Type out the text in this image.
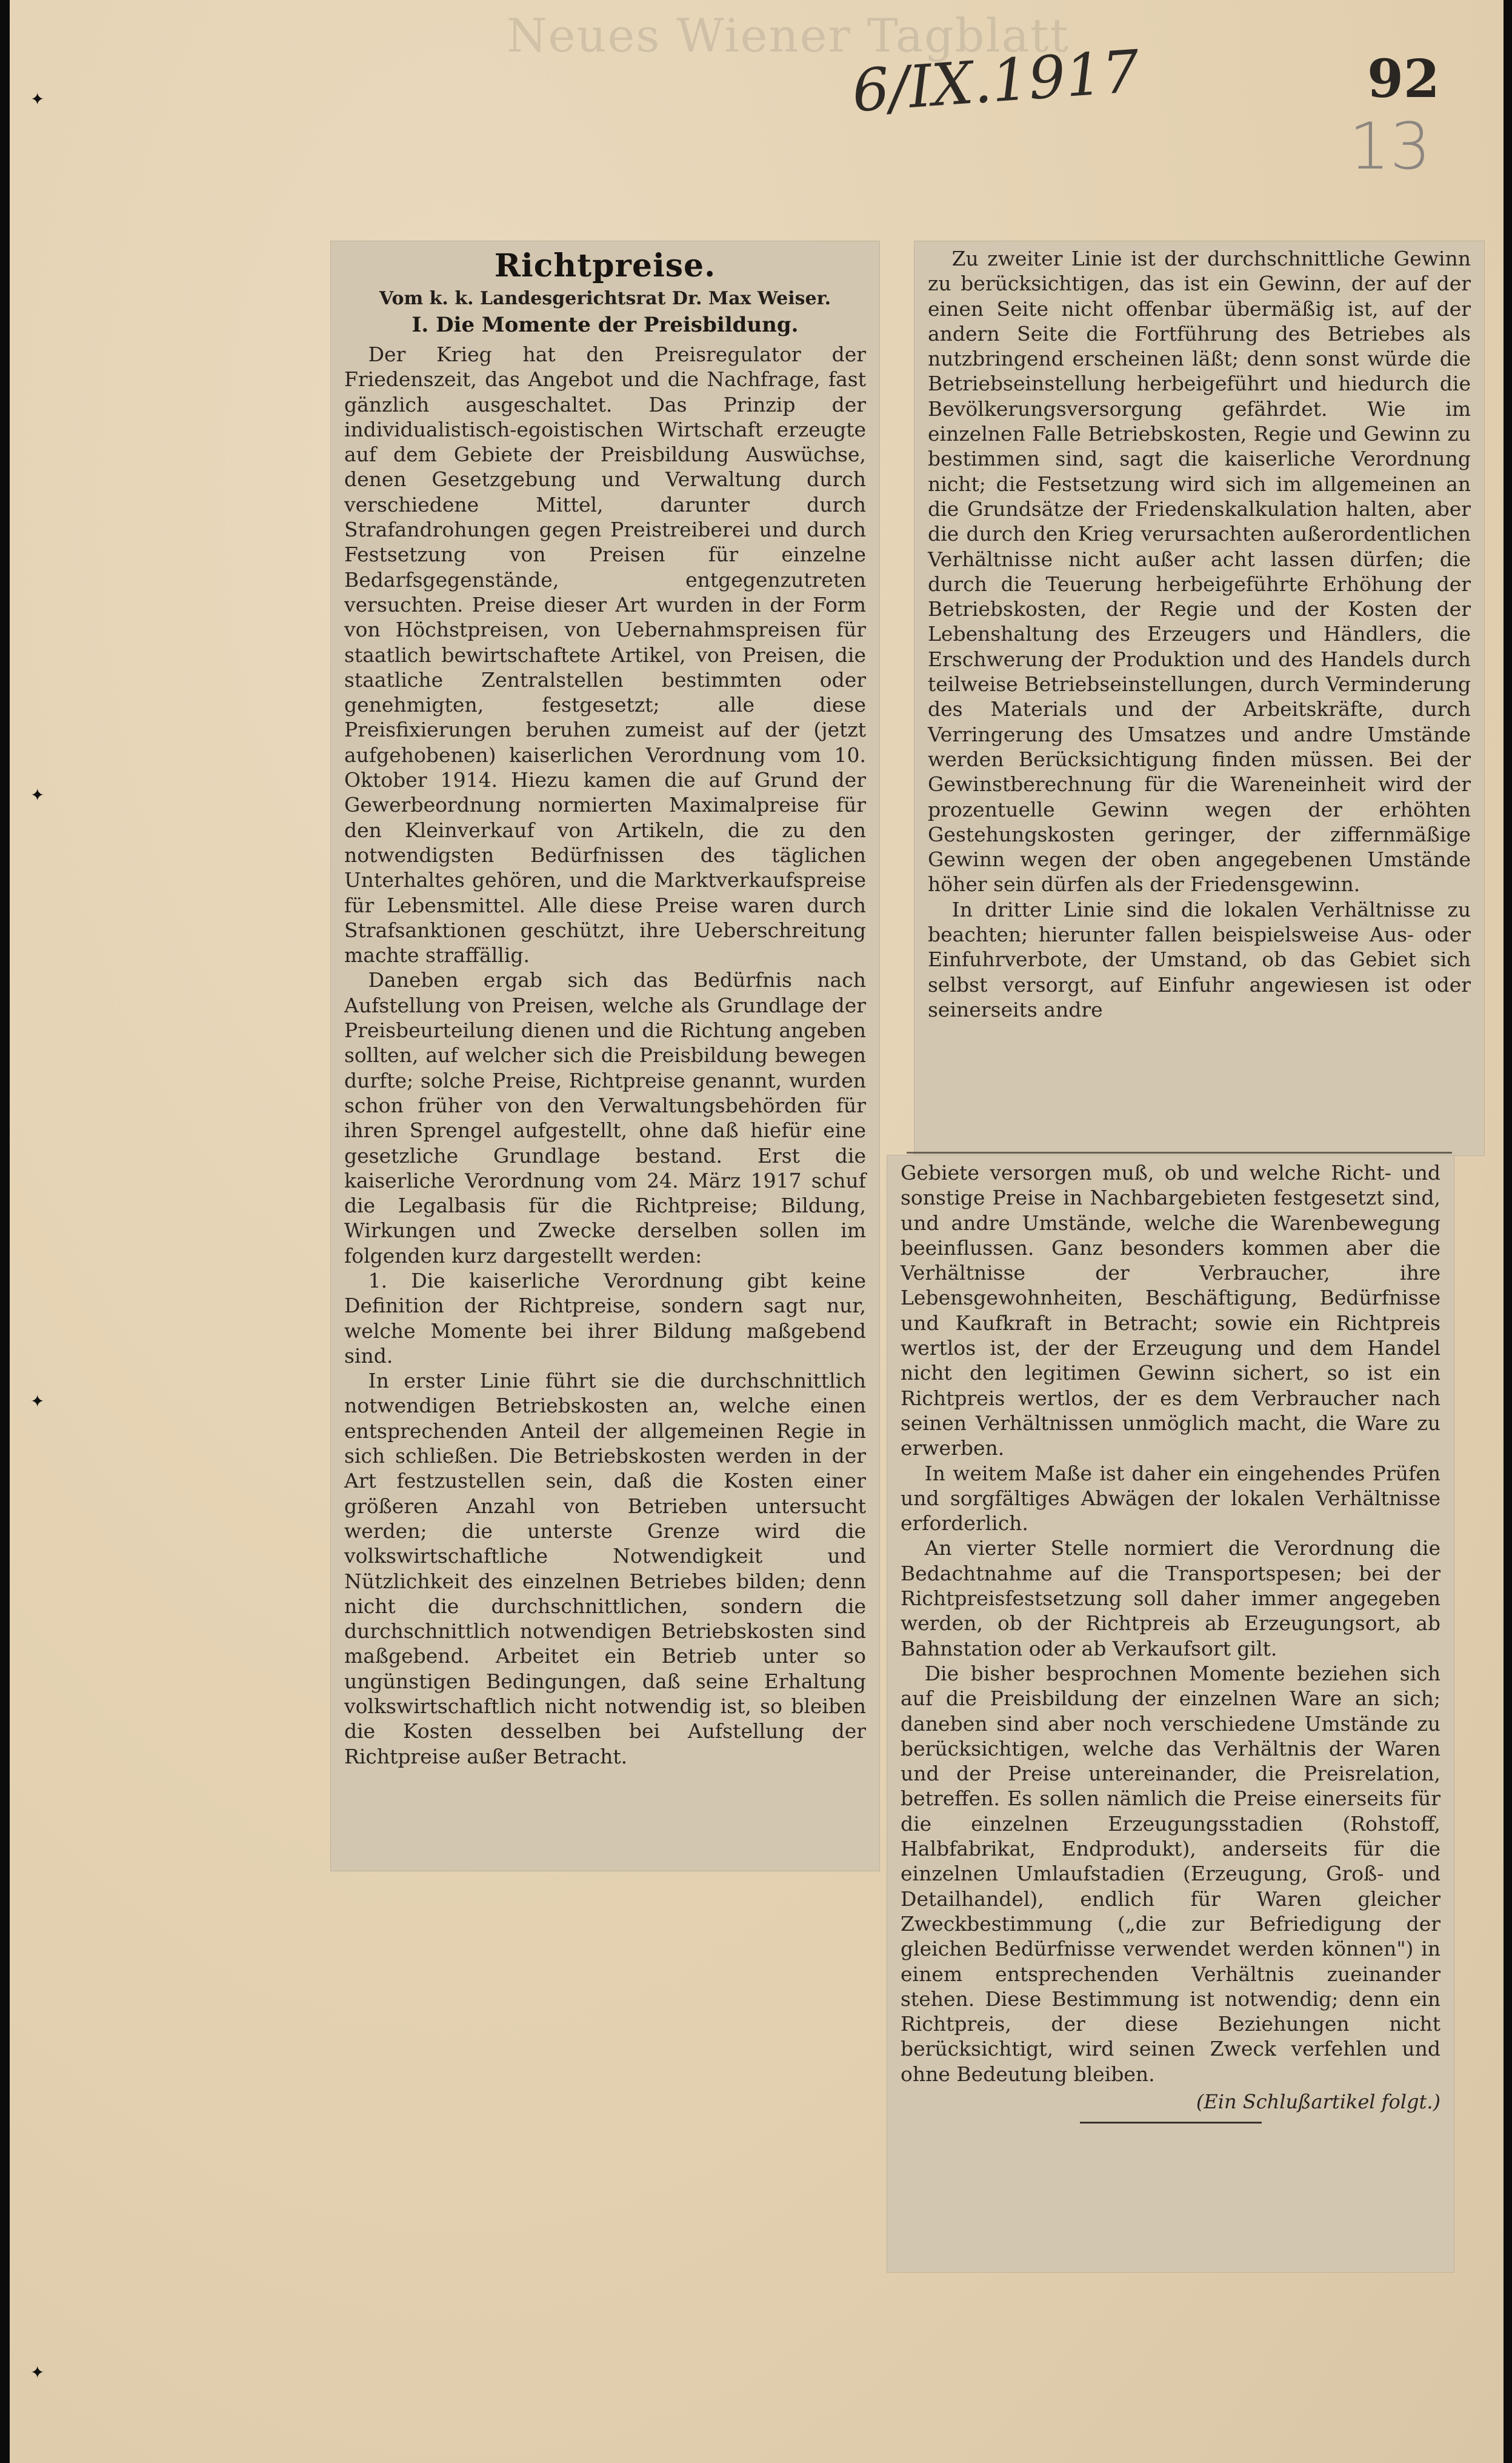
✦
✦
✦
✦
Neues Wiener Tagblatt
6/IX.1917	92
13
Richtpreise.
Vom k. k. Landesgerichtsrat Dr. Max Weiser.
I. Die Momente der Preisbildung.

Der Krieg hat den Preisregulator der Friedenszeit, das Angebot und die Nachfrage, fast gänzlich ausgeschaltet. Das Prinzip der individualistisch-egoistischen Wirtschaft erzeugte auf dem Gebiete der Preisbildung Auswüchse, denen Gesetzgebung und Verwaltung durch verschiedene Mittel, darunter durch Strafandrohungen gegen Preistreiberei und durch Festsetzung von Preisen für einzelne Bedarfsgegenstände, entgegenzutreten versuchten. Preise dieser Art wurden in der Form von Höchstpreisen, von Uebernahmspreisen für staatlich bewirtschaftete Artikel, von Preisen, die staatliche Zentralstellen bestimmten oder genehmigten, festgesetzt; alle diese Preisfixierungen beruhen zumeist auf der (jetzt aufgehobenen) kaiserlichen Verordnung vom 10. Oktober 1914. Hiezu kamen die auf Grund der Gewerbeordnung normierten Maximalpreise für den Kleinverkauf von Artikeln, die zu den notwendigsten Bedürfnissen des täglichen Unterhaltes gehören, und die Marktverkaufspreise für Lebensmittel. Alle diese Preise waren durch Strafsanktionen geschützt, ihre Ueberschreitung machte straffällig.

Daneben ergab sich das Bedürfnis nach Aufstellung von Preisen, welche als Grundlage der Preisbeurteilung dienen und die Richtung angeben sollten, auf welcher sich die Preisbildung bewegen durfte; solche Preise, Richtpreise genannt, wurden schon früher von den Verwaltungsbehörden für ihren Sprengel aufgestellt, ohne daß hiefür eine gesetzliche Grundlage bestand. Erst die kaiserliche Verordnung vom 24. März 1917 schuf die Legalbasis für die Richtpreise; Bildung, Wirkungen und Zwecke derselben sollen im folgenden kurz dargestellt werden:

1. Die kaiserliche Verordnung gibt keine Definition der Richtpreise, sondern sagt nur, welche Momente bei ihrer Bildung maßgebend sind.

In erster Linie führt sie die durchschnittlich notwendigen Betriebskosten an, welche einen entsprechenden Anteil der allgemeinen Regie in sich schließen. Die Betriebskosten werden in der Art festzustellen sein, daß die Kosten einer größeren Anzahl von Betrieben untersucht werden; die unterste Grenze wird die volkswirtschaftliche Notwendigkeit und Nützlichkeit des einzelnen Betriebes bilden; denn nicht die durchschnittlichen, sondern die durchschnittlich notwendigen Betriebskosten sind maßgebend. Arbeitet ein Betrieb unter so ungünstigen Bedingungen, daß seine Erhaltung volkswirtschaftlich nicht notwendig ist, so bleiben die Kosten desselben bei Aufstellung der Richtpreise außer Betracht.

Zu zweiter Linie ist der durchschnittliche Gewinn zu berücksichtigen, das ist ein Gewinn, der auf der einen Seite nicht offenbar übermäßig ist, auf der andern Seite die Fortführung des Betriebes als nutzbringend erscheinen läßt; denn sonst würde die Betriebseinstellung herbeigeführt und hiedurch die Bevölkerungsversorgung gefährdet. Wie im einzelnen Falle Betriebskosten, Regie und Gewinn zu bestimmen sind, sagt die kaiserliche Verordnung nicht; die Festsetzung wird sich im allgemeinen an die Grundsätze der Friedenskalkulation halten, aber die durch den Krieg verursachten außerordentlichen Verhältnisse nicht außer acht lassen dürfen; die durch die Teuerung herbeigeführte Erhöhung der Betriebskosten, der Regie und der Kosten der Lebenshaltung des Erzeugers und Händlers, die Erschwerung der Produktion und des Handels durch teilweise Betriebseinstellungen, durch Verminderung des Materials und der Arbeitskräfte, durch Verringerung des Umsatzes und andre Umstände werden Berücksichtigung finden müssen. Bei der Gewinstberechnung für die Wareneinheit wird der prozentuelle Gewinn wegen der erhöhten Gestehungskosten geringer, der ziffernmäßige Gewinn wegen der oben angegebenen Umstände höher sein dürfen als der Friedensgewinn.

In dritter Linie sind die lokalen Verhältnisse zu beachten; hierunter fallen beispielsweise Aus- oder Einfuhrverbote, der Umstand, ob das Gebiet sich selbst versorgt, auf Einfuhr angewiesen ist oder seinerseits andre

Gebiete versorgen muß, ob und welche Richt- und sonstige Preise in Nachbargebieten festgesetzt sind, und andre Umstände, welche die Warenbewegung beeinflussen. Ganz besonders kommen aber die Verhältnisse der Verbraucher, ihre Lebensgewohnheiten, Beschäftigung, Bedürfnisse und Kaufkraft in Betracht; sowie ein Richtpreis wertlos ist, der der Erzeugung und dem Handel nicht den legitimen Gewinn sichert, so ist ein Richtpreis wertlos, der es dem Verbraucher nach seinen Verhältnissen unmöglich macht, die Ware zu erwerben.

In weitem Maße ist daher ein eingehendes Prüfen und sorgfältiges Abwägen der lokalen Verhältnisse erforderlich.

An vierter Stelle normiert die Verordnung die Bedachtnahme auf die Transportspesen; bei der Richtpreisfestsetzung soll daher immer angegeben werden, ob der Richtpreis ab Erzeugungsort, ab Bahnstation oder ab Verkaufsort gilt.

Die bisher besprochnen Momente beziehen sich auf die Preisbildung der einzelnen Ware an sich; daneben sind aber noch verschiedene Umstände zu berücksichtigen, welche das Verhältnis der Waren und der Preise untereinander, die Preisrelation, betreffen. Es sollen nämlich die Preise einerseits für die einzelnen Erzeugungsstadien (Rohstoff, Halbfabrikat, Endprodukt), anderseits für die einzelnen Umlaufstadien (Erzeugung, Groß- und Detailhandel), endlich für Waren gleicher Zweckbestimmung („die zur Befriedigung der gleichen Bedürfnisse verwendet werden können") in einem entsprechenden Verhältnis zueinander stehen. Diese Bestimmung ist notwendig; denn ein Richtpreis, der diese Beziehungen nicht berücksichtigt, wird seinen Zweck verfehlen und ohne Bedeutung bleiben.

(Ein Schlußartikel folgt.)
